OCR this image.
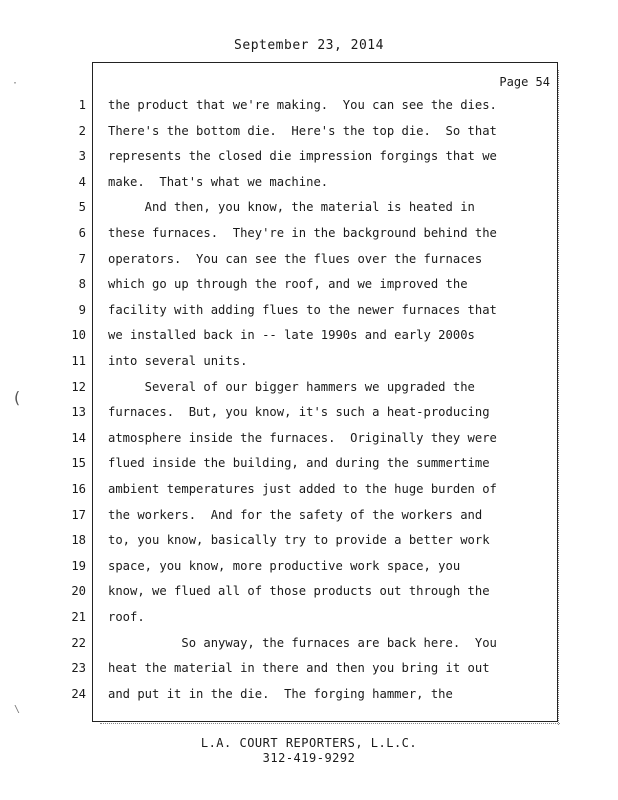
September 23, 2014
·
(
\
Page 54
1 the product that we're making.  You can see the dies.
2 There's the bottom die.  Here's the top die.  So that
3 represents the closed die impression forgings that we
4 make.  That's what we machine.
5 And then, you know, the material is heated in
6 these furnaces.  They're in the background behind the
7 operators.  You can see the flues over the furnaces
8 which go up through the roof, and we improved the
9 facility with adding flues to the newer furnaces that
10 we installed back in -- late 1990s and early 2000s
11 into several units.
12 Several of our bigger hammers we upgraded the
13 furnaces.  But, you know, it's such a heat-producing
14 atmosphere inside the furnaces.  Originally they were
15 flued inside the building, and during the summertime
16 ambient temperatures just added to the huge burden of
17 the workers.  And for the safety of the workers and
18 to, you know, basically try to provide a better work
19 space, you know, more productive work space, you
20 know, we flued all of those products out through the
21 roof.
22 So anyway, the furnaces are back here.  You
23 heat the material in there and then you bring it out
24 and put it in the die.  The forging hammer, the
L.A. COURT REPORTERS, L.L.C.
312-419-9292
